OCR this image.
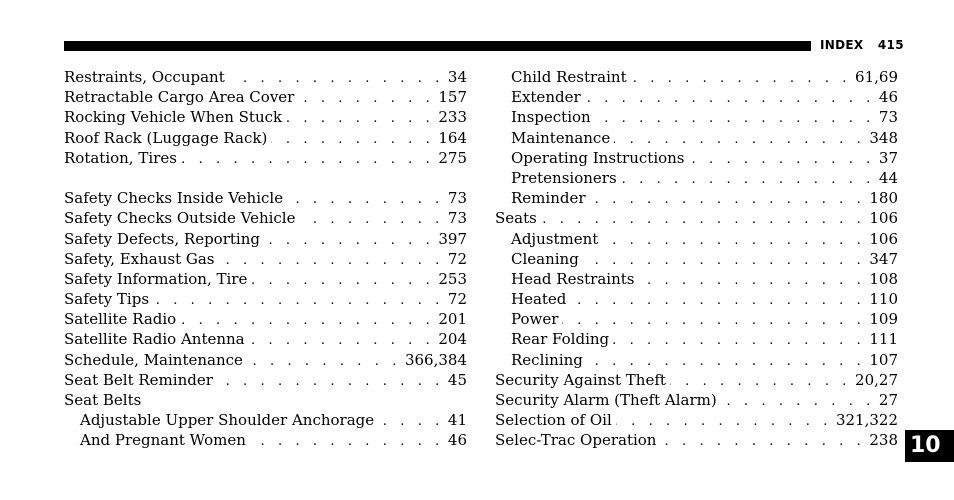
INDEX 415
Restraints, Occupant . . .	34
Retractable Cargo Area Cover . . .	157
Rocking Vehicle When Stuck . . .	233
Roof Rack (Luggage Rack) . . .	164
Rotation, Tires . . .	275
Safety Checks Inside Vehicle . . .	73
Safety Checks Outside Vehicle . . .	73
Safety Defects, Reporting . . .	397
Safety, Exhaust Gas . . .	72
Safety Information, Tire . . .	253
Safety Tips . . .	72
Satellite Radio . . .	201
Satellite Radio Antenna . . .	204
Schedule, Maintenance . . .	366,384
Seat Belt Reminder . . .	45
Seat Belts
Adjustable Upper Shoulder Anchorage . . .	41
And Pregnant Women . . .	46
Child Restraint . . .	61,69
Extender . . .	46
Inspection . . .	73
Maintenance . . .	348
Operating Instructions . . .	37
Pretensioners . . .	44
Reminder . . .	180
Seats . . .	106
Adjustment . . .	106
Cleaning . . .	347
Head Restraints . . .	108
Heated . . .	110
Power . . .	109
Rear Folding . . .	111
Reclining . . .	107
Security Against Theft . . .	20,27
Security Alarm (Theft Alarm) . . .	27
Selection of Oil . . .	321,322
Selec-Trac Operation . . .	238 10
